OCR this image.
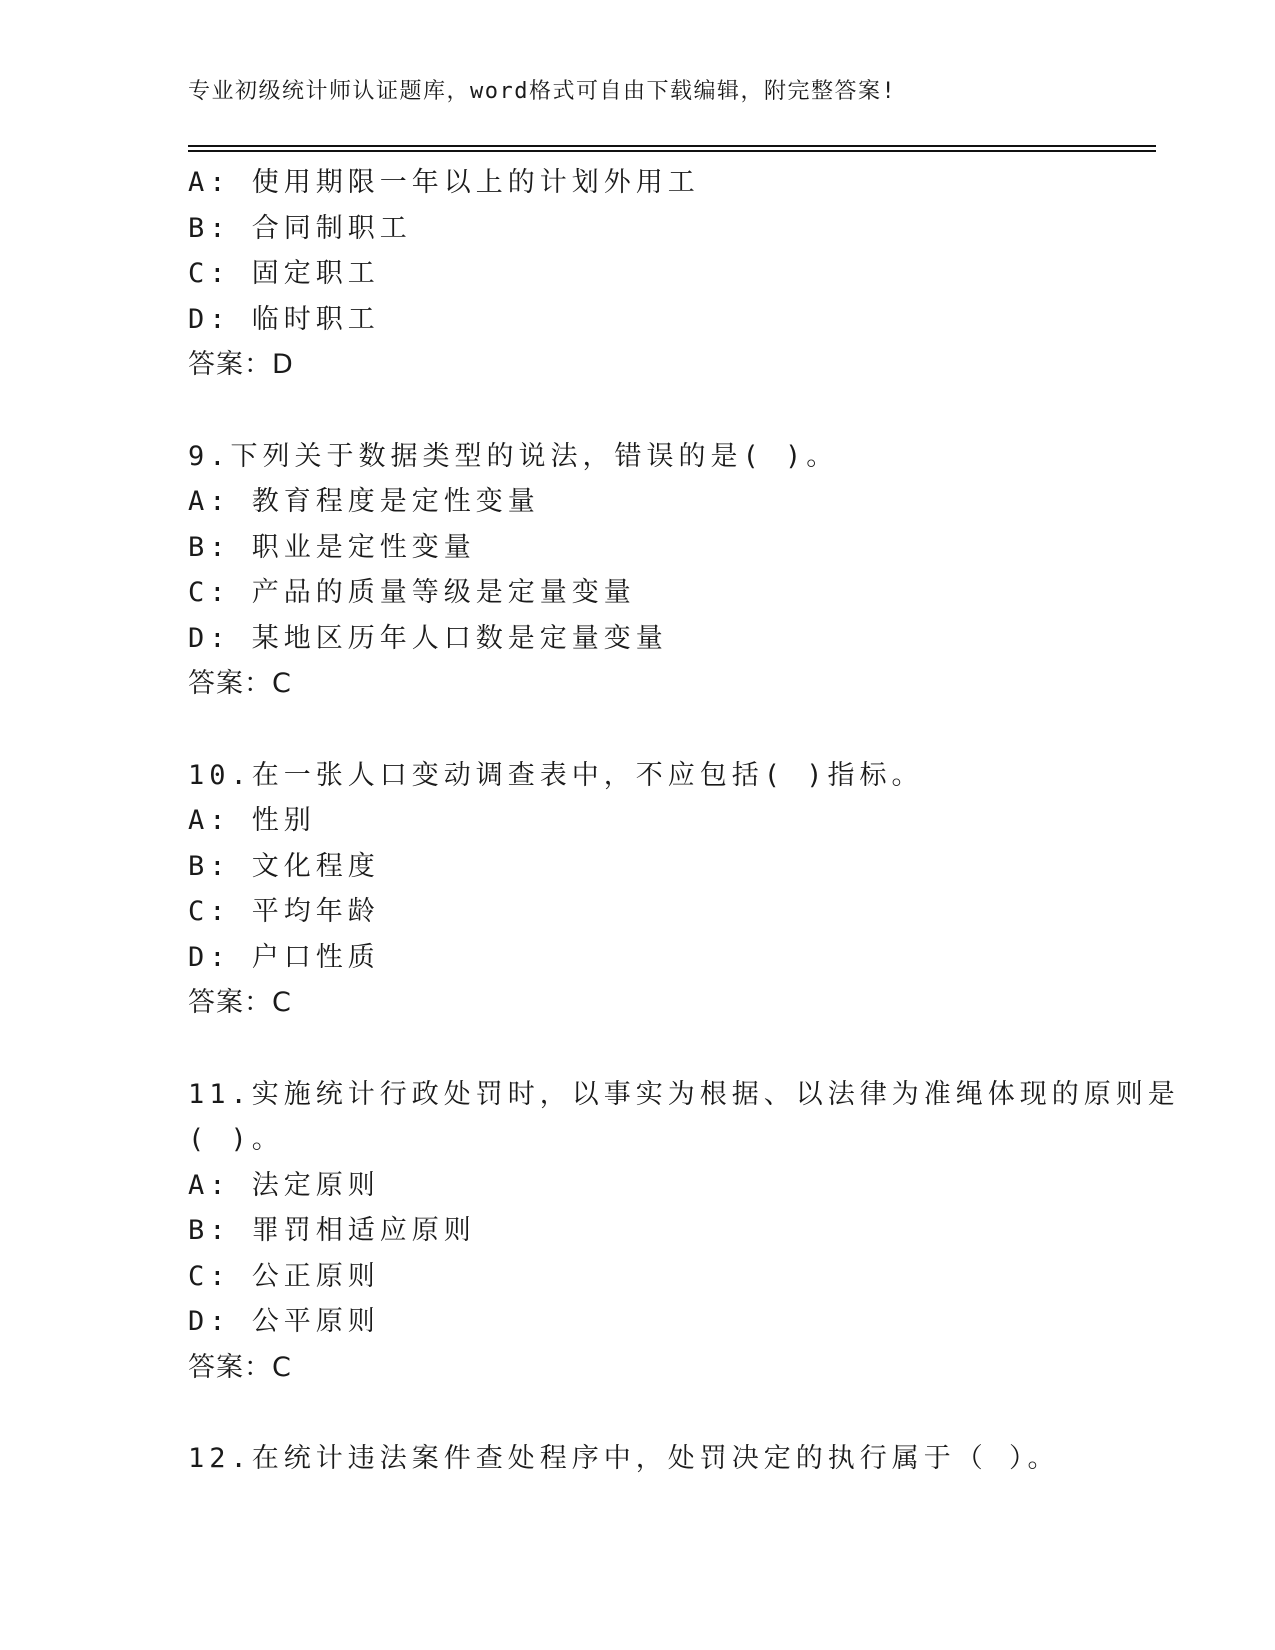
专业初级统计师认证题库，word格式可自由下载编辑，附完整答案!
A: 使用期限一年以上的计划外用工
B: 合同制职工
C: 固定职工
D: 临时职工
答案：D
9.下列关于数据类型的说法，错误的是( )。
A: 教育程度是定性变量
B: 职业是定性变量
C: 产品的质量等级是定量变量
D: 某地区历年人口数是定量变量
答案：C
10.在一张人口变动调查表中，不应包括( )指标。
A: 性别
B: 文化程度
C: 平均年龄
D: 户口性质
答案：C
11.实施统计行政处罚时，以事实为根据、以法律为准绳体现的原则是
( )。
A: 法定原则
B: 罪罚相适应原则
C: 公正原则
D: 公平原则
答案：C
12.在统计违法案件查处程序中，处罚决定的执行属于（ ）。
